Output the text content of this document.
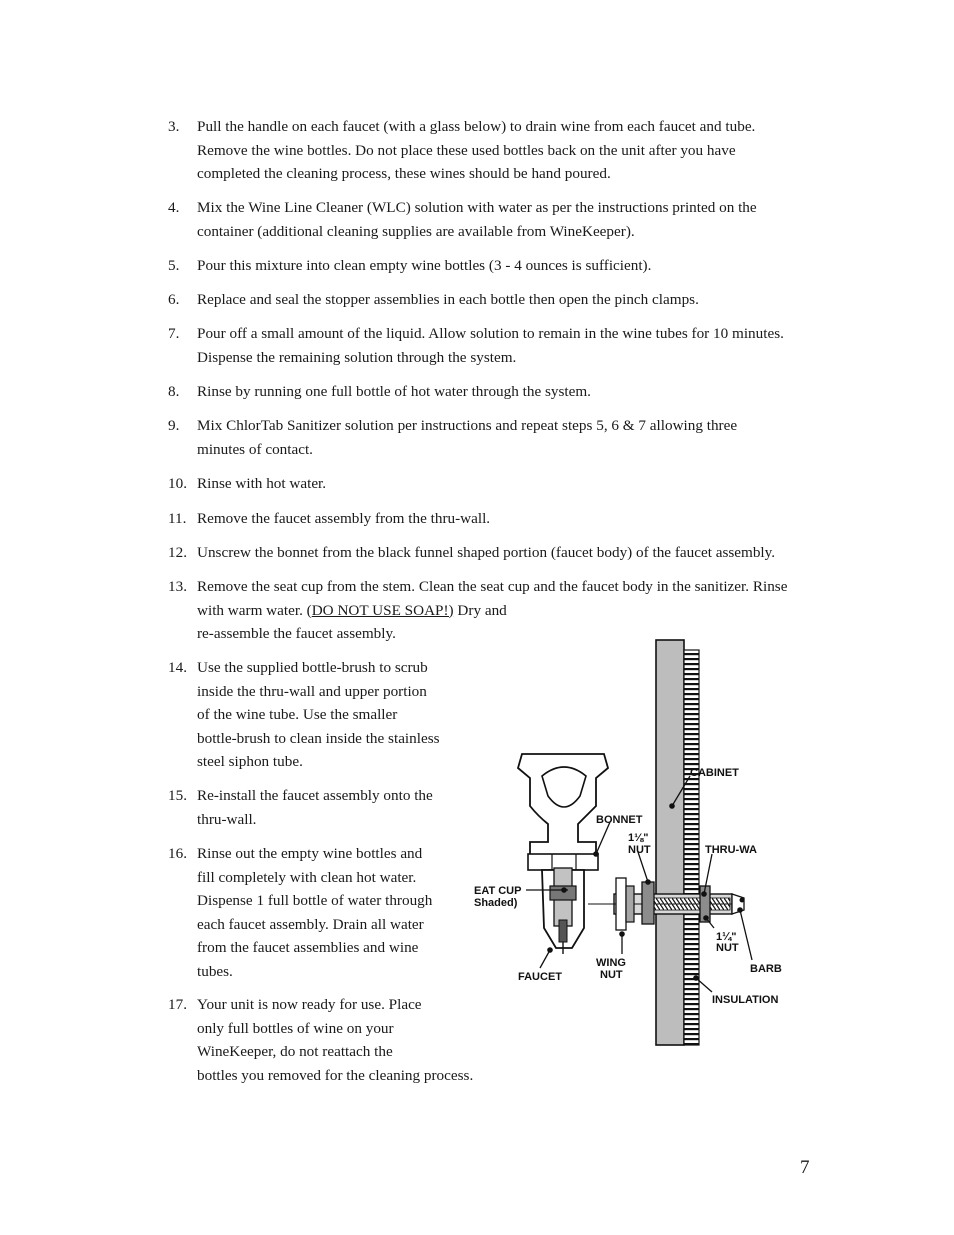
3. Pull the handle on each faucet (with a glass below) to drain wine from each faucet and tube.
Remove the wine bottles. Do not place these used bottles back on the unit after you have
completed the cleaning process, these wines should be hand poured.
4. Mix the Wine Line Cleaner (WLC) solution with water as per the instructions printed on the
container (additional cleaning supplies are available from WineKeeper).
5. Pour this mixture into clean empty wine bottles (3 - 4 ounces is sufficient).
6. Replace and seal the stopper assemblies in each bottle then open the pinch clamps.
7. Pour off a small amount of the liquid. Allow solution to remain in the wine tubes for 10 minutes.
Dispense the remaining solution through the system.
8. Rinse by running one full bottle of hot water through the system.
9. Mix ChlorTab Sanitizer solution per instructions and repeat steps 5, 6 & 7 allowing three
minutes of contact.
10. Rinse with hot water.
11. Remove the faucet assembly from the thru-wall.
12. Unscrew the bonnet from the black funnel shaped portion (faucet body) of the faucet assembly.
13. Remove the seat cup from the stem. Clean the seat cup and the faucet body in the sanitizer. Rinse
with warm water. (DO NOT USE SOAP!) Dry and
re-assemble the faucet assembly.
14. Use the supplied bottle-brush to scrub
inside the thru-wall and upper portion
of the wine tube. Use the smaller
bottle-brush to clean inside the stainless
steel siphon tube.
15. Re-install the faucet assembly onto the
thru-wall.
16. Rinse out the empty wine bottles and
fill completely with clean hot water.
Dispense 1 full bottle of water through
each faucet assembly. Drain all water
from the faucet assemblies and wine
tubes.
17. Your unit is now ready for use. Place
only full bottles of wine on your
WineKeeper, do not reattach the
bottles you removed for the cleaning process.
CABINET
BONNET
1⅛"
NUT	THRU-WA
EAT CUP
Shaded)
1¼"
NUT
BARB
WING
NUT
FAUCET
INSULATION
7
